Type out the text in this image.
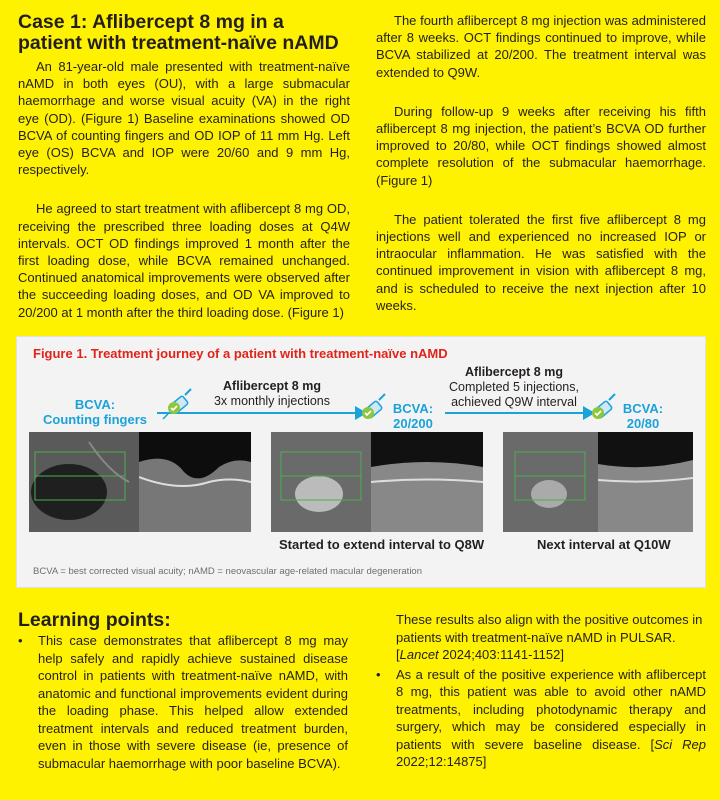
Case 1: Aflibercept 8 mg in a patient with treatment-naïve nAMD

An 81-year-old male presented with treatment-naïve nAMD in both eyes (OU), with a large submacular haemorrhage and worse visual acuity (VA) in the right eye (OD). (Figure 1) Baseline examinations showed OD BCVA of counting fingers and OD IOP of 11 mm Hg. Left eye (OS) BCVA and IOP were 20/60 and 9 mm Hg, respectively.

He agreed to start treatment with aflibercept 8 mg OD, receiving the prescribed three loading doses at Q4W intervals. OCT OD findings improved 1 month after the first loading dose, while BCVA remained unchanged. Continued anatomical improvements were observed after the succeeding loading doses, and OD VA improved to 20/200 at 1 month after the third loading dose. (Figure 1)

The fourth aflibercept 8 mg injection was administered after 8 weeks. OCT findings continued to improve, while BCVA stabilized at 20/200. The treatment interval was extended to Q9W.

During follow-up 9 weeks after receiving his fifth aflibercept 8 mg injection, the patient’s BCVA OD further improved to 20/80, while OCT findings showed almost complete resolution of the submacular haemorrhage. (Figure 1)

The patient tolerated the first five aflibercept 8 mg injections well and experienced no increased IOP or intraocular inflammation. He was satisfied with the continued improvement in vision with aflibercept 8 mg, and is scheduled to receive the next injection after 10 weeks.

Figure 1. Treatment journey of a patient with treatment-naïve nAMD
BCVA:
Counting fingers
Aflibercept 8 mg
3x monthly injections	BCVA:
20/200
Aflibercept 8 mg
Completed 5 injections,
achieved Q9W interval	BCVA:
20/80
Started to extend interval to Q8W	Next interval at Q10W
BCVA = best corrected visual acuity; nAMD = neovascular age-related macular degeneration
Learning points:
• This case demonstrates that aflibercept 8 mg may help safely and rapidly achieve sustained disease control in patients with treatment-naïve nAMD, with anatomic and functional improvements evident during the loading phase. This helped allow extended treatment intervals and reduced treatment burden, even in those with severe disease (ie, presence of submacular haemorrhage with poor baseline BCVA).
These results also align with the positive outcomes in patients with treatment-naïve nAMD in PULSAR. [Lancet 2024;403:1141-1152]
• As a result of the positive experience with aflibercept 8 mg, this patient was able to avoid other nAMD treatments, including photodynamic therapy and surgery, which may be considered especially in patients with severe baseline disease. [Sci Rep 2022;12:14875]
